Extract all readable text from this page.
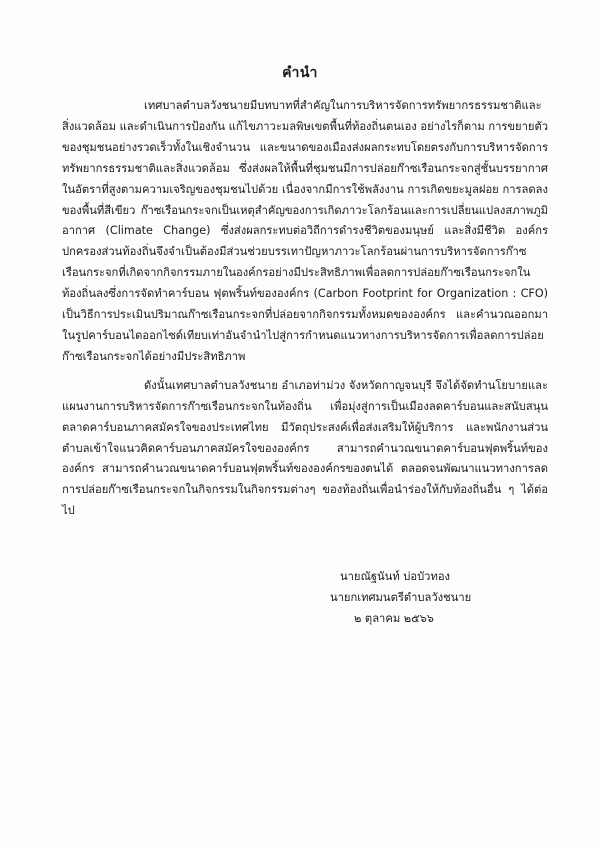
คำนำ

เทศบาลตำบลวังชนายมีบทบาทที่สำคัญในการบริหารจัดการทรัพยากรธรรมชาติและสิ่งแวดล้อม และดำเนินการป้องกัน แก้ไขภาวะมลพิษเขตพื้นที่ท้องถิ่นตนเอง อย่างไรก็ตาม การขยายตัวของชุมชนอย่างรวดเร็วทั้งในเชิงจำนวน และขนาดของเมืองส่งผลกระทบโดยตรงกับการบริหารจัดการทรัพยากรธรรมชาติและสิ่งแวดล้อม ซึ่งส่งผลให้พื้นที่ชุมชนมีการปล่อยก๊าซเรือนกระจกสู่ชั้นบรรยากาศในอัตราที่สูงตามความเจริญของชุมชนไปด้วย เนื่องจากมีการใช้พลังงาน การเกิดขยะมูลฝอย การลดลงของพื้นที่สีเขียว ก๊าซเรือนกระจกเป็นเหตุสำคัญของการเกิดภาวะโลกร้อนและการเปลี่ยนแปลงสภาพภูมิอากาศ (Climate Change) ซึ่งส่งผลกระทบต่อวิถีการดำรงชีวิตของมนุษย์ และสิ่งมีชีวิต องค์กรปกครองส่วนท้องถิ่นจึงจำเป็นต้องมีส่วนช่วยบรรเทาปัญหาภาวะโลกร้อนผ่านการบริหารจัดการก๊าซเรือนกระจกที่เกิดจากกิจกรรมภายในองค์กรอย่างมีประสิทธิภาพเพื่อลดการปล่อยก๊าซเรือนกระจกในท้องถิ่นลงซึ่งการจัดทำคาร์บอน ฟุตพริ้นท์ขององค์กร (Carbon Footprint for Organization : CFO) เป็นวิธีการประเมินปริมาณก๊าซเรือนกระจกที่ปล่อยจากกิจกรรมทั้งหมดขององค์กร และคำนวณออกมาในรูปคาร์บอนไดออกไซด์เทียบเท่าอันจำนำไปสู่การกำหนดแนวทางการบริหารจัดการเพื่อลดการปล่อยก๊าซเรือนกระจกได้อย่างมีประสิทธิภาพ

ดังนั้นเทศบาลตำบลวังชนาย อำเภอท่าม่วง จังหวัดกาญจนบุรี จึงได้จัดทำนโยบายและแผนงานการบริหารจัดการก๊าซเรือนกระจกในท้องถิ่น เพื่อมุ่งสู่การเป็นเมืองลดคาร์บอนและสนับสนุนตลาดคาร์บอนภาคสมัครใจของประเทศไทย มีวัตถุประสงค์เพื่อส่งเสริมให้ผู้บริการ และพนักงานส่วนตำบลเข้าใจแนวคิดคาร์บอนภาคสมัครใจขององค์กร สามารถคำนวณขนาดคาร์บอนฟุตพริ้นท์ขององค์กร สามารถคำนวณขนาดคาร์บอนฟุตพริ้นท์ขององค์กรของตนได้ ตลอดจนพัฒนาแนวทางการลดการปล่อยก๊าซเรือนกระจกในกิจกรรมในกิจกรรมต่างๆ ของท้องถิ่นเพื่อนำร่องให้กับท้องถิ่นอื่น ๆ ได้ต่อไป

นายณัฐนันท์ บ่อบัวทอง
นายกเทศมนตรีตำบลวังชนาย
๒ ตุลาคม ๒๕๖๖
